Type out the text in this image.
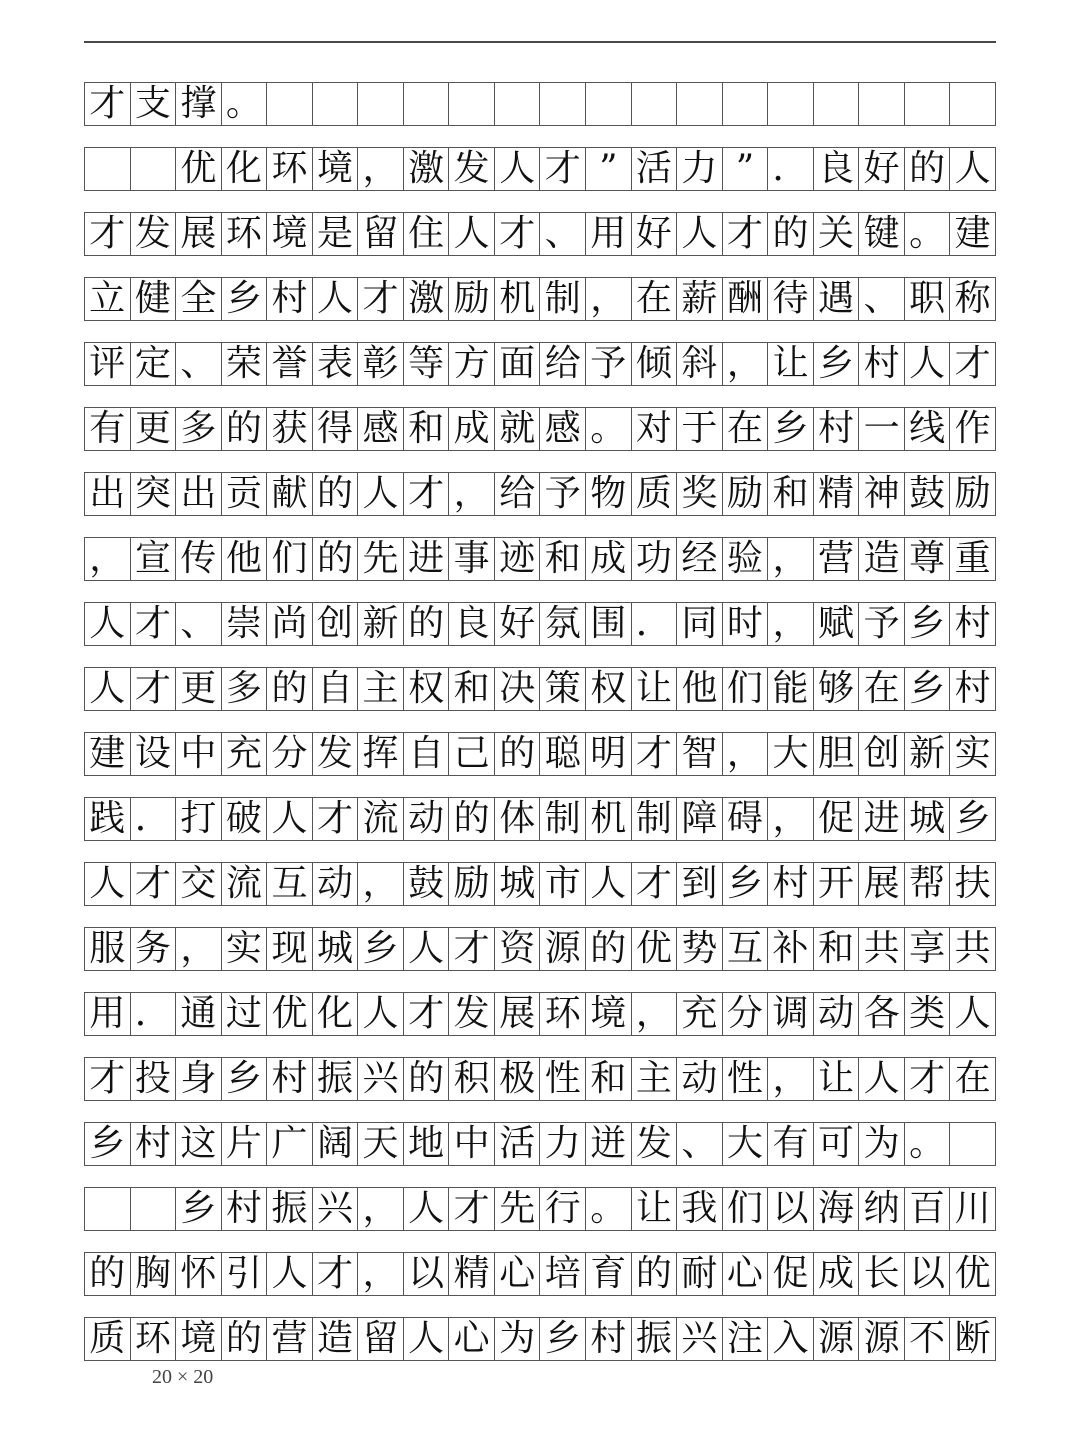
才 支 撑 。
优 化 环 境 ， 激 发 人 才 ” 活 力 ” ． 良 好 的 人
才 发 展 环 境 是 留 住 人 才 、 用 好 人 才 的 关 键 。 建
立 健 全 乡 村 人 才 激 励 机 制 ， 在 薪 酬 待 遇 、 职 称
评 定 、 荣 誉 表 彰 等 方 面 给 予 倾 斜 ， 让 乡 村 人 才
有 更 多 的 获 得 感 和 成 就 感 。 对 于 在 乡 村 一 线 作
出 突 出 贡 献 的 人 才 ， 给 予 物 质 奖 励 和 精 神 鼓 励
， 宣 传 他 们 的 先 进 事 迹 和 成 功 经 验 ， 营 造 尊 重
人 才 、 崇 尚 创 新 的 良 好 氛 围 ． 同 时 ， 赋 予 乡 村
人 才 更 多 的 自 主 权 和 决 策 权 让 他 们 能 够 在 乡 村
建 设 中 充 分 发 挥 自 己 的 聪 明 才 智 ， 大 胆 创 新 实
践 ． 打 破 人 才 流 动 的 体 制 机 制 障 碍 ， 促 进 城 乡
人 才 交 流 互 动 ， 鼓 励 城 市 人 才 到 乡 村 开 展 帮 扶
服 务 ， 实 现 城 乡 人 才 资 源 的 优 势 互 补 和 共 享 共
用 ． 通 过 优 化 人 才 发 展 环 境 ， 充 分 调 动 各 类 人
才 投 身 乡 村 振 兴 的 积 极 性 和 主 动 性 ， 让 人 才 在
乡 村 这 片 广 阔 天 地 中 活 力 迸 发 、 大 有 可 为 。
乡 村 振 兴 ， 人 才 先 行 。 让 我 们 以 海 纳 百 川
的 胸 怀 引 人 才 ， 以 精 心 培 育 的 耐 心 促 成 长 以 优
质 环 境 的 营 造 留 人 心 为 乡 村 振 兴 注 入 源 源 不 断
20 × 20
